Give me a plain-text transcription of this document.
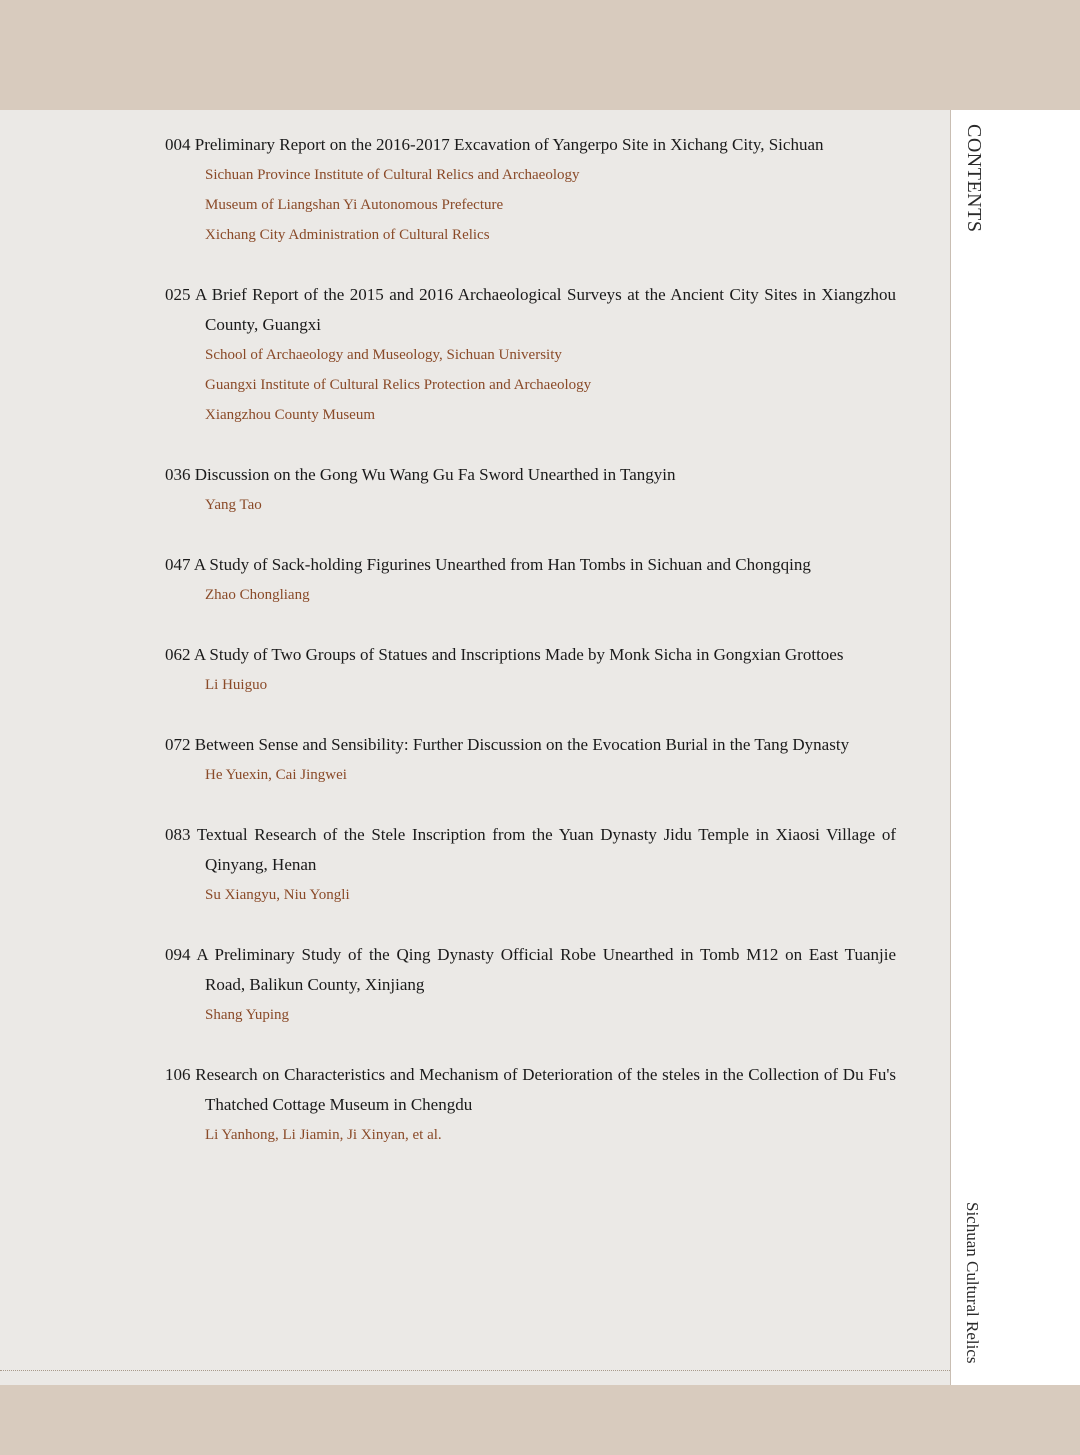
CONTENTS
Sichuan Cultural Relics
004 Preliminary Report on the 2016-2017 Excavation of Yangerpo Site in Xichang City, Sichuan
Sichuan Province Institute of Cultural Relics and Archaeology
Museum of Liangshan Yi Autonomous Prefecture
Xichang City Administration of Cultural Relics
025 A Brief Report of the 2015 and 2016 Archaeological Surveys at the Ancient City Sites in Xiangzhou County, Guangxi
School of Archaeology and Museology, Sichuan University
Guangxi Institute of Cultural Relics Protection and Archaeology
Xiangzhou County Museum
036 Discussion on the Gong Wu Wang Gu Fa Sword Unearthed in Tangyin
Yang Tao
047 A Study of Sack-holding Figurines Unearthed from Han Tombs in Sichuan and Chongqing
Zhao Chongliang
062 A Study of Two Groups of Statues and Inscriptions Made by Monk Sicha in Gongxian Grottoes
Li Huiguo
072 Between Sense and Sensibility: Further Discussion on the Evocation Burial in the Tang Dynasty
He Yuexin, Cai Jingwei
083 Textual Research of the Stele Inscription from the Yuan Dynasty Jidu Temple in Xiaosi Village of Qinyang, Henan
Su Xiangyu, Niu Yongli
094 A Preliminary Study of the Qing Dynasty Official Robe Unearthed in Tomb M12 on East Tuanjie Road, Balikun County, Xinjiang
Shang Yuping
106 Research on Characteristics and Mechanism of Deterioration of the steles in the Collection of Du Fu's Thatched Cottage Museum in Chengdu
Li Yanhong, Li Jiamin, Ji Xinyan, et al.
